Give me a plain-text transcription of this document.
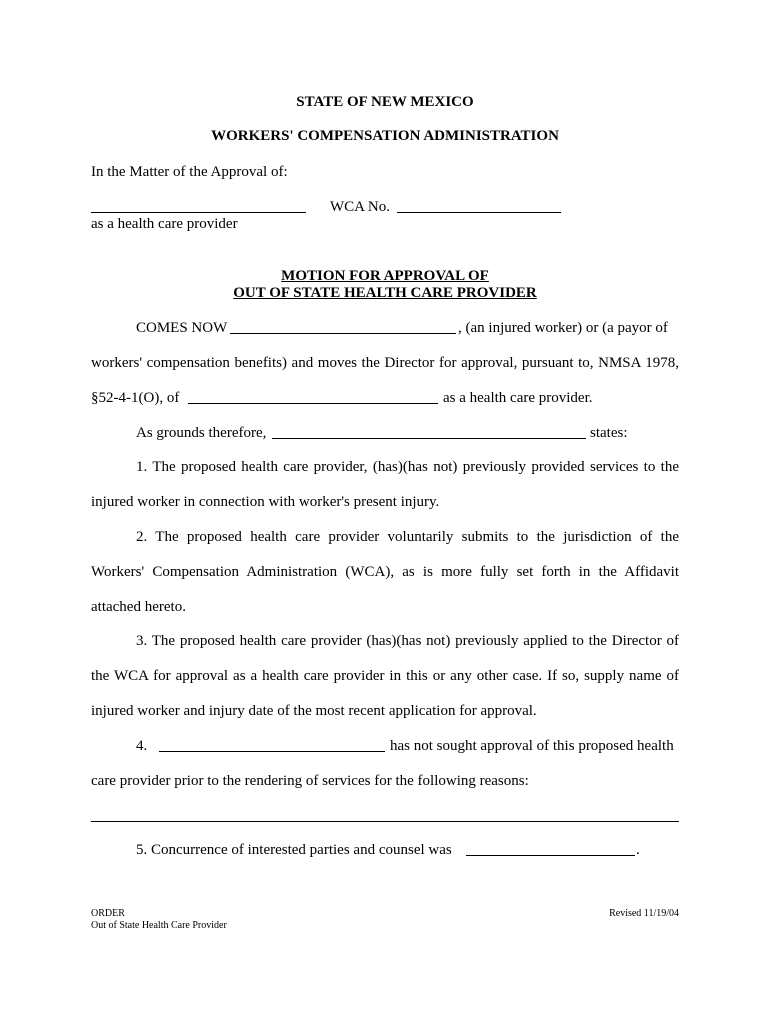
STATE OF NEW MEXICO
WORKERS' COMPENSATION ADMINISTRATION
In the Matter of the Approval of:
WCA No.
as a health care provider
MOTION FOR APPROVAL OF
OUT OF STATE HEALTH CARE PROVIDER
COMES NOW	, (an injured worker) or (a payor of
workers' compensation benefits) and moves the Director for approval, pursuant to, NMSA 1978,
§52-4-1(O), of	as a health care provider.
As grounds therefore,	states:
1. The proposed health care provider, (has)(has not) previously provided services to the
injured worker in connection with worker's present injury.
2. The proposed health care provider voluntarily submits to the jurisdiction of the
Workers' Compensation Administration (WCA), as is more fully set forth in the Affidavit
attached hereto.
3. The proposed health care provider (has)(has not) previously applied to the Director of
the WCA for approval as a health care provider in this or any other case. If so, supply name of
injured worker and injury date of the most recent application for approval.
4.	has not sought approval of this proposed health
care provider prior to the rendering of services for the following reasons:
5. Concurrence of interested parties and counsel was	.
ORDER
Out of State Health Care Provider
Revised 11/19/04
